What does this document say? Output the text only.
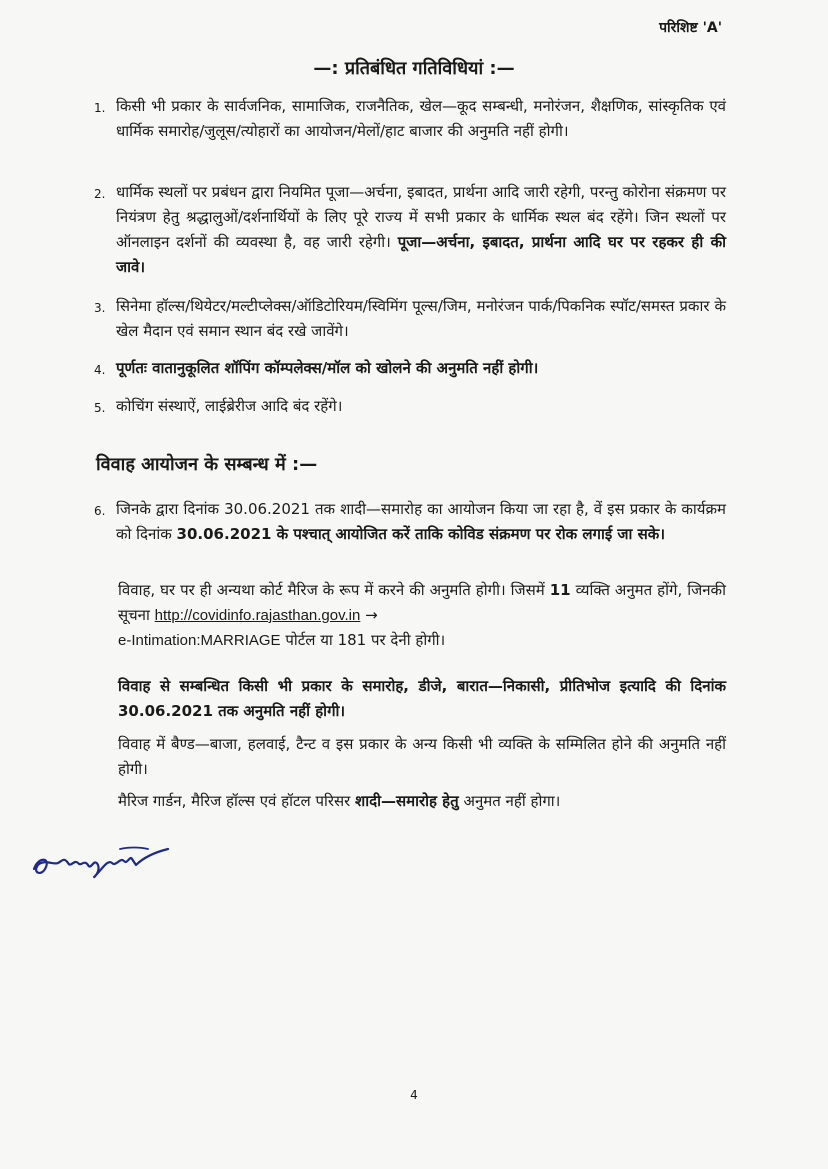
परिशिष्ट 'A'
—: प्रतिबंधित गतिविधियां :—
1. किसी भी प्रकार के सार्वजनिक, सामाजिक, राजनैतिक, खेल—कूद सम्बन्धी, मनोरंजन, शैक्षणिक, सांस्कृतिक एवं धार्मिक समारोह/जुलूस/त्योहारों का आयोजन/मेलों/हाट बाजार की अनुमति नहीं होगी।
2. धार्मिक स्थलों पर प्रबंधन द्वारा नियमित पूजा—अर्चना, इबादत, प्रार्थना आदि जारी रहेगी, परन्तु कोरोना संक्रमण पर नियंत्रण हेतु श्रद्धालुओं/दर्शनार्थियों के लिए पूरे राज्य में सभी प्रकार के धार्मिक स्थल बंद रहेंगे। जिन स्थलों पर ऑनलाइन दर्शनों की व्यवस्था है, वह जारी रहेगी। पूजा—अर्चना, इबादत, प्रार्थना आदि घर पर रहकर ही की जावे।
3. सिनेमा हॉल्स/थियेटर/मल्टीप्लेक्स/ऑडिटोरियम/स्विमिंग पूल्स/जिम, मनोरंजन पार्क/पिकनिक स्पॉट/समस्त प्रकार के खेल मैदान एवं समान स्थान बंद रखे जावेंगे।
4. पूर्णतः वातानुकूलित शॉपिंग कॉम्पलेक्स/मॉल को खोलने की अनुमति नहीं होगी।
5. कोचिंग संस्थाऐं, लाईब्रेरीज आदि बंद रहेंगे।
विवाह आयोजन के सम्बन्ध में :—
6. जिनके द्वारा दिनांक 30.06.2021 तक शादी—समारोह का आयोजन किया जा रहा है, वें इस प्रकार के कार्यक्रम को दिनांक 30.06.2021 के पश्चात् आयोजित करें ताकि कोविड संक्रमण पर रोक लगाई जा सके।
विवाह, घर पर ही अन्यथा कोर्ट मैरिज के रूप में करने की अनुमति होगी। जिसमें 11 व्यक्ति अनुमत होंगे, जिनकी सूचना http://covidinfo.rajasthan.gov.in →
e-Intimation:MARRIAGE पोर्टल या 181 पर देनी होगी।
विवाह से सम्बन्धित किसी भी प्रकार के समारोह, डीजे, बारात—निकासी, प्रीतिभोज इत्यादि की दिनांक 30.06.2021 तक अनुमति नहीं होगी।
विवाह में बैण्ड—बाजा, हलवाई, टैन्ट व इस प्रकार के अन्य किसी भी व्यक्ति के सम्मिलित होने की अनुमति नहीं होगी।
मैरिज गार्डन, मैरिज हॉल्स एवं हॉटल परिसर शादी—समारोह हेतु अनुमत नहीं होगा।
4
